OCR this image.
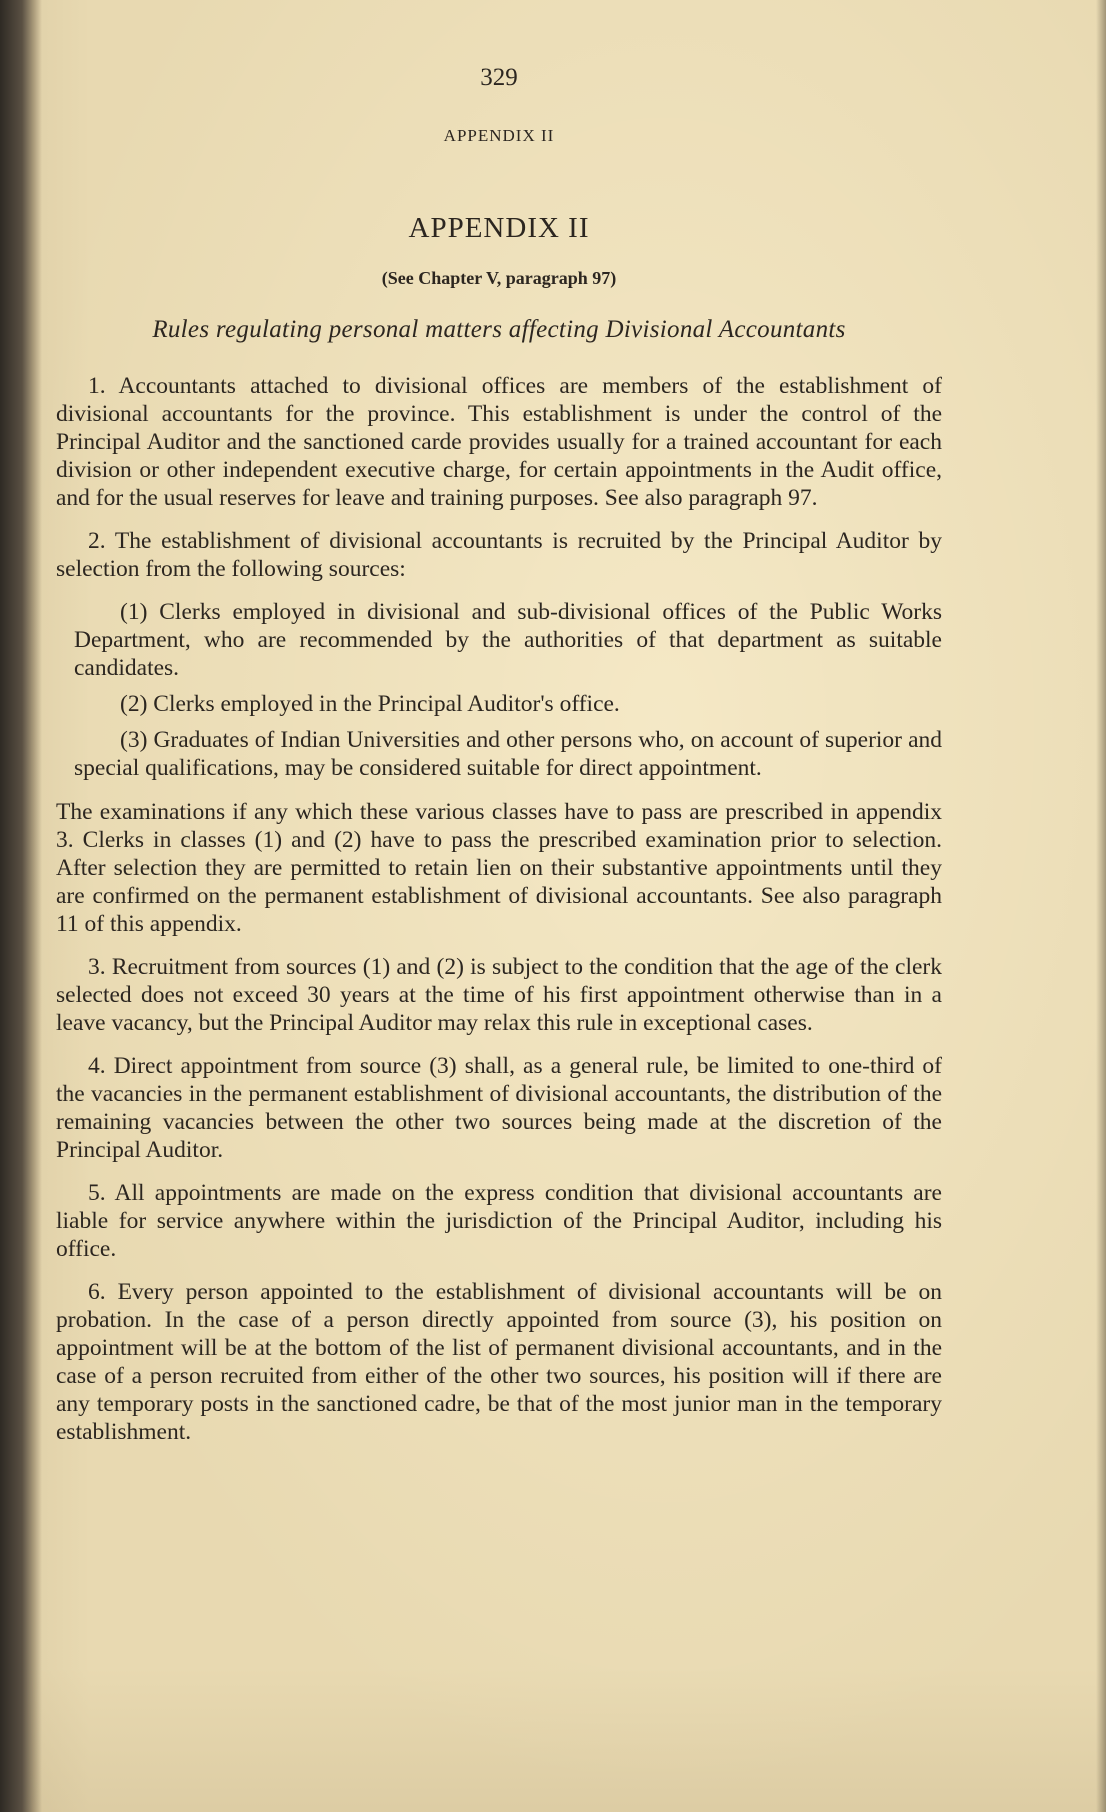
329
APPENDIX II
APPENDIX II
(See Chapter V, paragraph 97)
Rules regulating personal matters affecting Divisional Accountants

1. Accountants attached to divisional offices are members of the establishment of divisional accountants for the province. This establishment is under the control of the Principal Auditor and the sanctioned carde provides usually for a trained accountant for each division or other independent executive charge, for certain appointments in the Audit office, and for the usual reserves for leave and training purposes. See also paragraph 97.

2. The establishment of divisional accountants is recruited by the Principal Auditor by selection from the following sources:

(1) Clerks employed in divisional and sub-divisional offices of the Public Works Department, who are recommended by the authorities of that department as suitable candidates.

(2) Clerks employed in the Principal Auditor's office.

(3) Graduates of Indian Universities and other persons who, on account of superior and special qualifications, may be considered suitable for direct appointment.

The examinations if any which these various classes have to pass are prescribed in appendix 3. Clerks in classes (1) and (2) have to pass the prescribed examination prior to selection. After selection they are permitted to retain lien on their substantive appointments until they are confirmed on the permanent establishment of divisional accountants. See also paragraph 11 of this appendix.

3. Recruitment from sources (1) and (2) is subject to the condition that the age of the clerk selected does not exceed 30 years at the time of his first appointment otherwise than in a leave vacancy, but the Principal Auditor may relax this rule in exceptional cases.

4. Direct appointment from source (3) shall, as a general rule, be limited to one-third of the vacancies in the permanent establishment of divisional accountants, the distribution of the remaining vacancies between the other two sources being made at the discretion of the Principal Auditor.

5. All appointments are made on the express condition that divisional accountants are liable for service anywhere within the jurisdiction of the Principal Auditor, including his office.

6. Every person appointed to the establishment of divisional accountants will be on probation. In the case of a person directly appointed from source (3), his position on appointment will be at the bottom of the list of permanent divisional accountants, and in the case of a person recruited from either of the other two sources, his position will if there are any temporary posts in the sanctioned cadre, be that of the most junior man in the temporary establishment.
